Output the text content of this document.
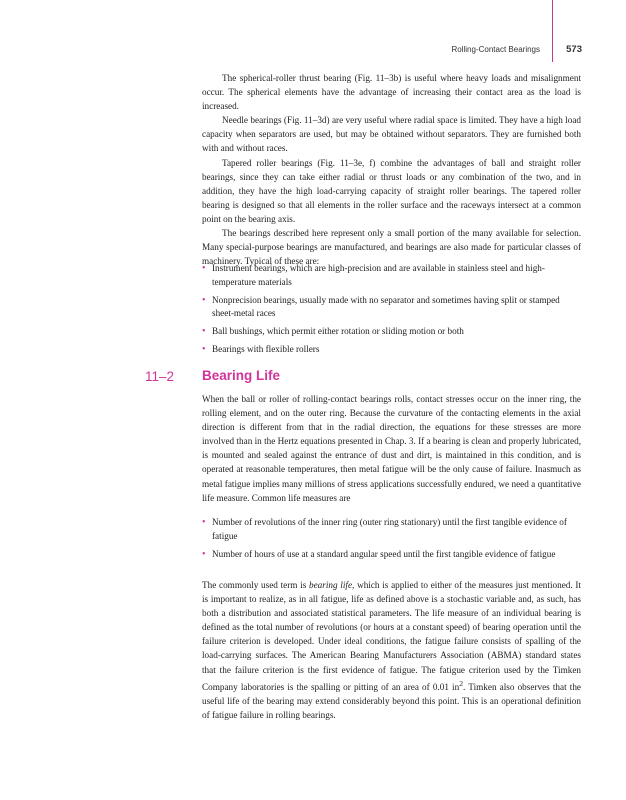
Rolling-Contact Bearings	573

The spherical-roller thrust bearing (Fig. 11–3b) is useful where heavy loads and misalignment occur. The spherical elements have the advantage of increasing their contact area as the load is increased.

Needle bearings (Fig. 11–3d) are very useful where radial space is limited. They have a high load capacity when separators are used, but may be obtained without separators. They are furnished both with and without races.

Tapered roller bearings (Fig. 11–3e, f) combine the advantages of ball and straight roller bearings, since they can take either radial or thrust loads or any combination of the two, and in addition, they have the high load-carrying capacity of straight roller bearings. The tapered roller bearing is designed so that all elements in the roller surface and the raceways intersect at a common point on the bearing axis.

The bearings described here represent only a small portion of the many available for selection. Many special-purpose bearings are manufactured, and bearings are also made for particular classes of machinery. Typical of these are:

• Instrument bearings, which are high-precision and are available in stainless steel and high-temperature materials
• Nonprecision bearings, usually made with no separator and sometimes having split or stamped sheet-metal races
• Ball bushings, which permit either rotation or sliding motion or both
• Bearings with flexible rollers
11–2 Bearing Life

When the ball or roller of rolling-contact bearings rolls, contact stresses occur on the inner ring, the rolling element, and on the outer ring. Because the curvature of the contacting elements in the axial direction is different from that in the radial direction, the equations for these stresses are more involved than in the Hertz equations presented in Chap. 3. If a bearing is clean and properly lubricated, is mounted and sealed against the entrance of dust and dirt, is maintained in this condition, and is operated at reasonable temperatures, then metal fatigue will be the only cause of failure. Inasmuch as metal fatigue implies many millions of stress applications successfully endured, we need a quantitative life measure. Common life measures are

• Number of revolutions of the inner ring (outer ring stationary) until the first tangible evidence of fatigue
• Number of hours of use at a standard angular speed until the first tangible evidence of fatigue

The commonly used term is bearing life, which is applied to either of the measures just mentioned. It is important to realize, as in all fatigue, life as defined above is a stochastic variable and, as such, has both a distribution and associated statistical parameters. The life measure of an individual bearing is defined as the total number of revolutions (or hours at a constant speed) of bearing operation until the failure criterion is developed. Under ideal conditions, the fatigue failure consists of spalling of the load-carrying surfaces. The American Bearing Manufacturers Association (ABMA) standard states that the failure criterion is the first evidence of fatigue. The fatigue criterion used by the Timken Company laboratories is the spalling or pitting of an area of 0.01 $in^2$. Timken also observes that the useful life of the bearing may extend considerably beyond this point. This is an operational definition of fatigue failure in rolling bearings.
